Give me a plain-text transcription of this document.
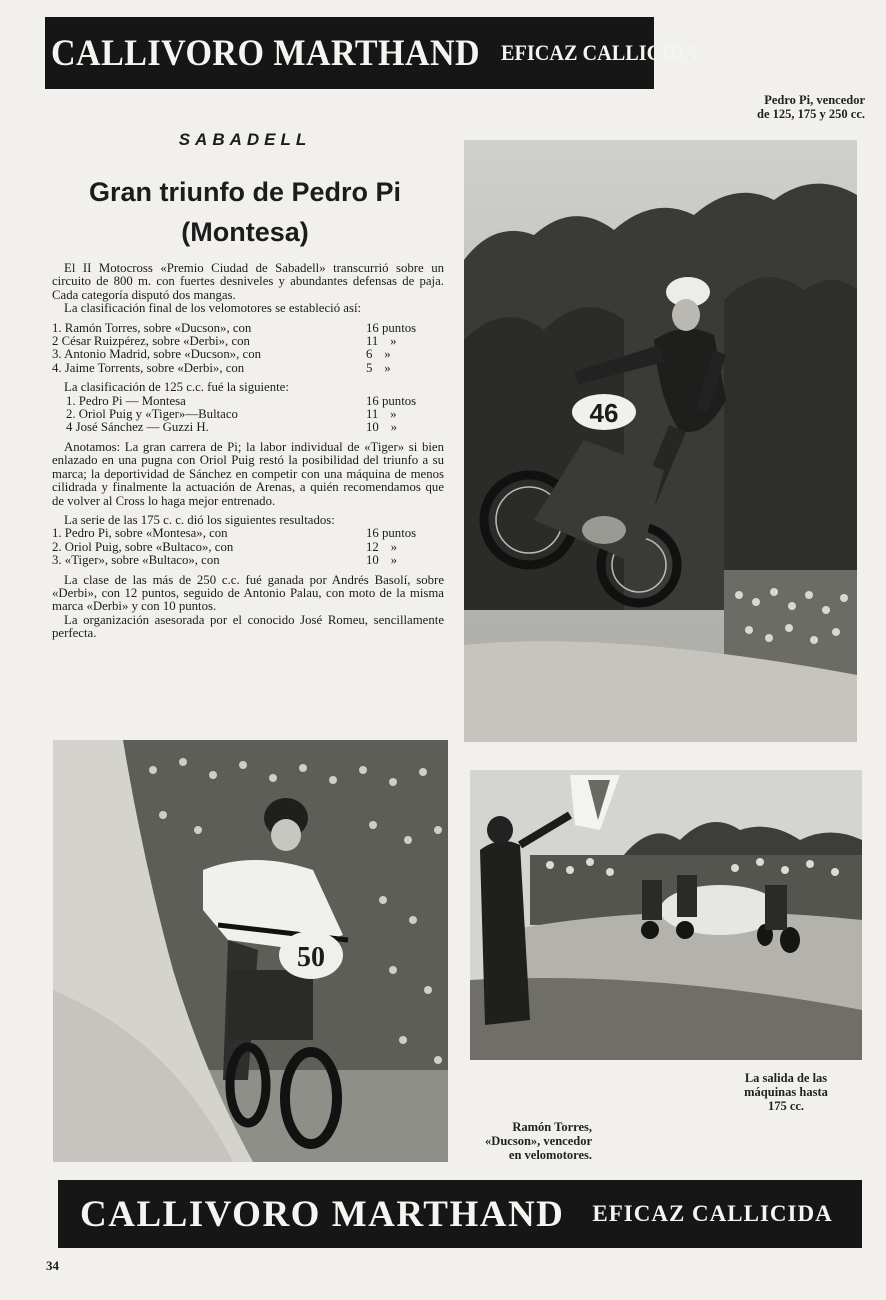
CALLIVORO MARTHAND EFICAZ CALLICIDA
Pedro Pi, vencedor
de 125, 175 y 250 cc.
SABADELL
Gran triunfo de Pedro Pi
(Montesa)

El II Motocross «Premio Ciudad de Sabadell» transcurrió sobre un circuito de 800 m. con fuertes desniveles y abundantes defensas de paja. Cada categoría disputó dos mangas.

La clasificación final de los velomotores se estableció así:

1. Ramón Torres, sobre «Ducson», con	16 puntos
2 César Ruizpérez, sobre «Derbi», con	11 »
3. Antonio Madrid, sobre «Ducson», con	6 »
4. Jaime Torrents, sobre «Derbi», con	5 »

La clasificación de 125 c.c. fué la siguiente:

1. Pedro Pi — Montesa	16 puntos
2. Oriol Puig y «Tiger»—Bultaco	11 »
4 José Sánchez — Guzzi H.	10 »

Anotamos: La gran carrera de Pi; la labor individual de «Tiger» si bien enlazado en una pugna con Oriol Puig restó la posibilidad del triunfo a su marca; la deportividad de Sánchez en competir con una máquina de menos cilidrada y finalmente la actuación de Arenas, a quién recomendamos que de volver al Cross lo haga mejor entrenado.

La serie de las 175 c. c. dió los siguientes resultados:

1. Pedro Pi, sobre «Montesa», con	16 puntos
2. Oriol Puig, sobre «Bultaco», con	12 »
3. «Tiger», sobre «Bultaco», con	10 »

La clase de las más de 250 c.c. fué ganada por Andrés Basolí, sobre «Derbi», con 12 puntos, seguido de Antonio Palau, con moto de la misma marca «Derbi» y con 10 puntos.

La organización asesorada por el conocido José Romeu, sencillamente perfecta.

46
50
La salida de las
máquinas hasta
175 cc.
Ramón Torres,
«Ducson», vencedor
en velomotores.
CALLIVORO MARTHAND EFICAZ CALLICIDA
34
